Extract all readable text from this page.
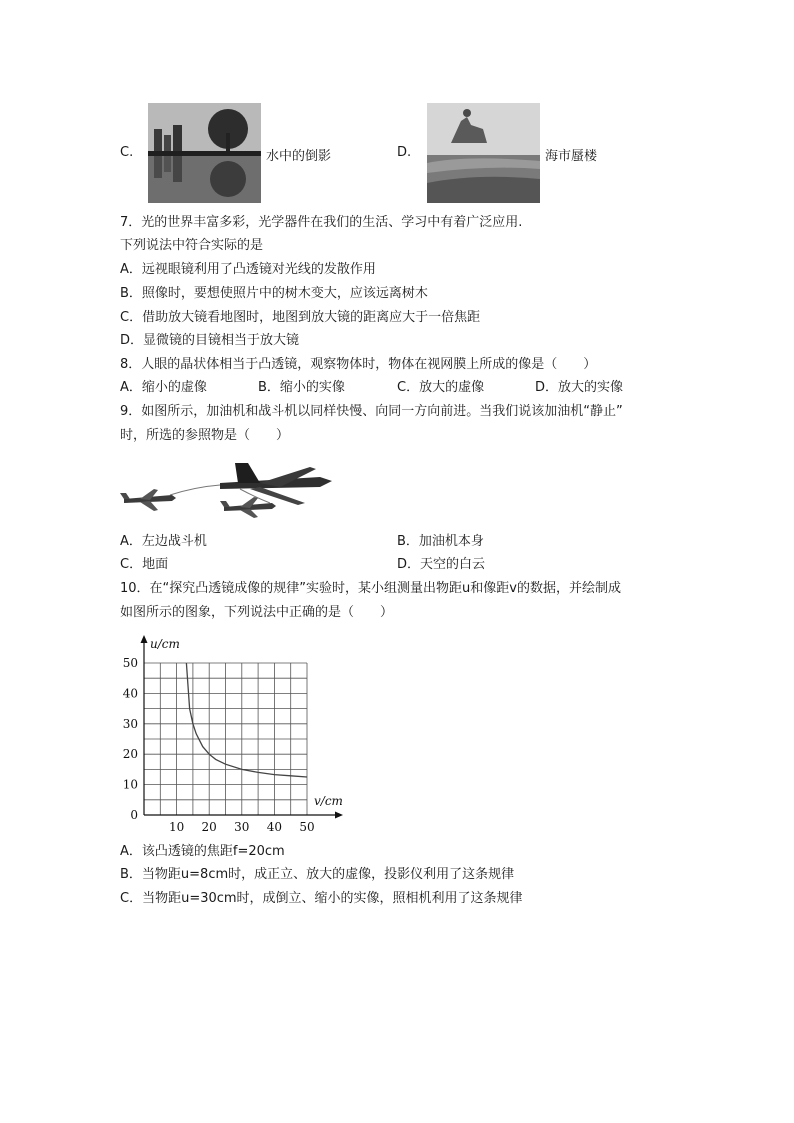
C.	水中的倒影	D.	海市蜃楼
7．光的世界丰富多彩，光学器件在我们的生活、学习中有着广泛应用.
下列说法中符合实际的是
A．远视眼镜利用了凸透镜对光线的发散作用
B．照像时，要想使照片中的树木变大，应该远离树木
C．借助放大镜看地图时，地图到放大镜的距离应大于一倍焦距
D．显微镜的目镜相当于放大镜
8．人眼的晶状体相当于凸透镜，观察物体时，物体在视网膜上所成的像是（　　）
A．缩小的虚像	B．缩小的实像	C．放大的虚像	D．放大的实像
9．如图所示，加油机和战斗机以同样快慢、向同一方向前进。当我们说该加油机“静止”
时，所选的参照物是（　　）
A．左边战斗机	B．加油机本身
C．地面	D．天空的白云
10．在“探究凸透镜成像的规律”实验时，某小组测量出物距u和像距v的数据，并绘制成
如图所示的图象，下列说法中正确的是（　　）
10 20 30 40 50
0
10
20
30
40
50
u/cm
v/cm
A．该凸透镜的焦距f=20cm
B．当物距u=8cm时，成正立、放大的虚像，投影仪利用了这条规律
C．当物距u=30cm时，成倒立、缩小的实像，照相机利用了这条规律
